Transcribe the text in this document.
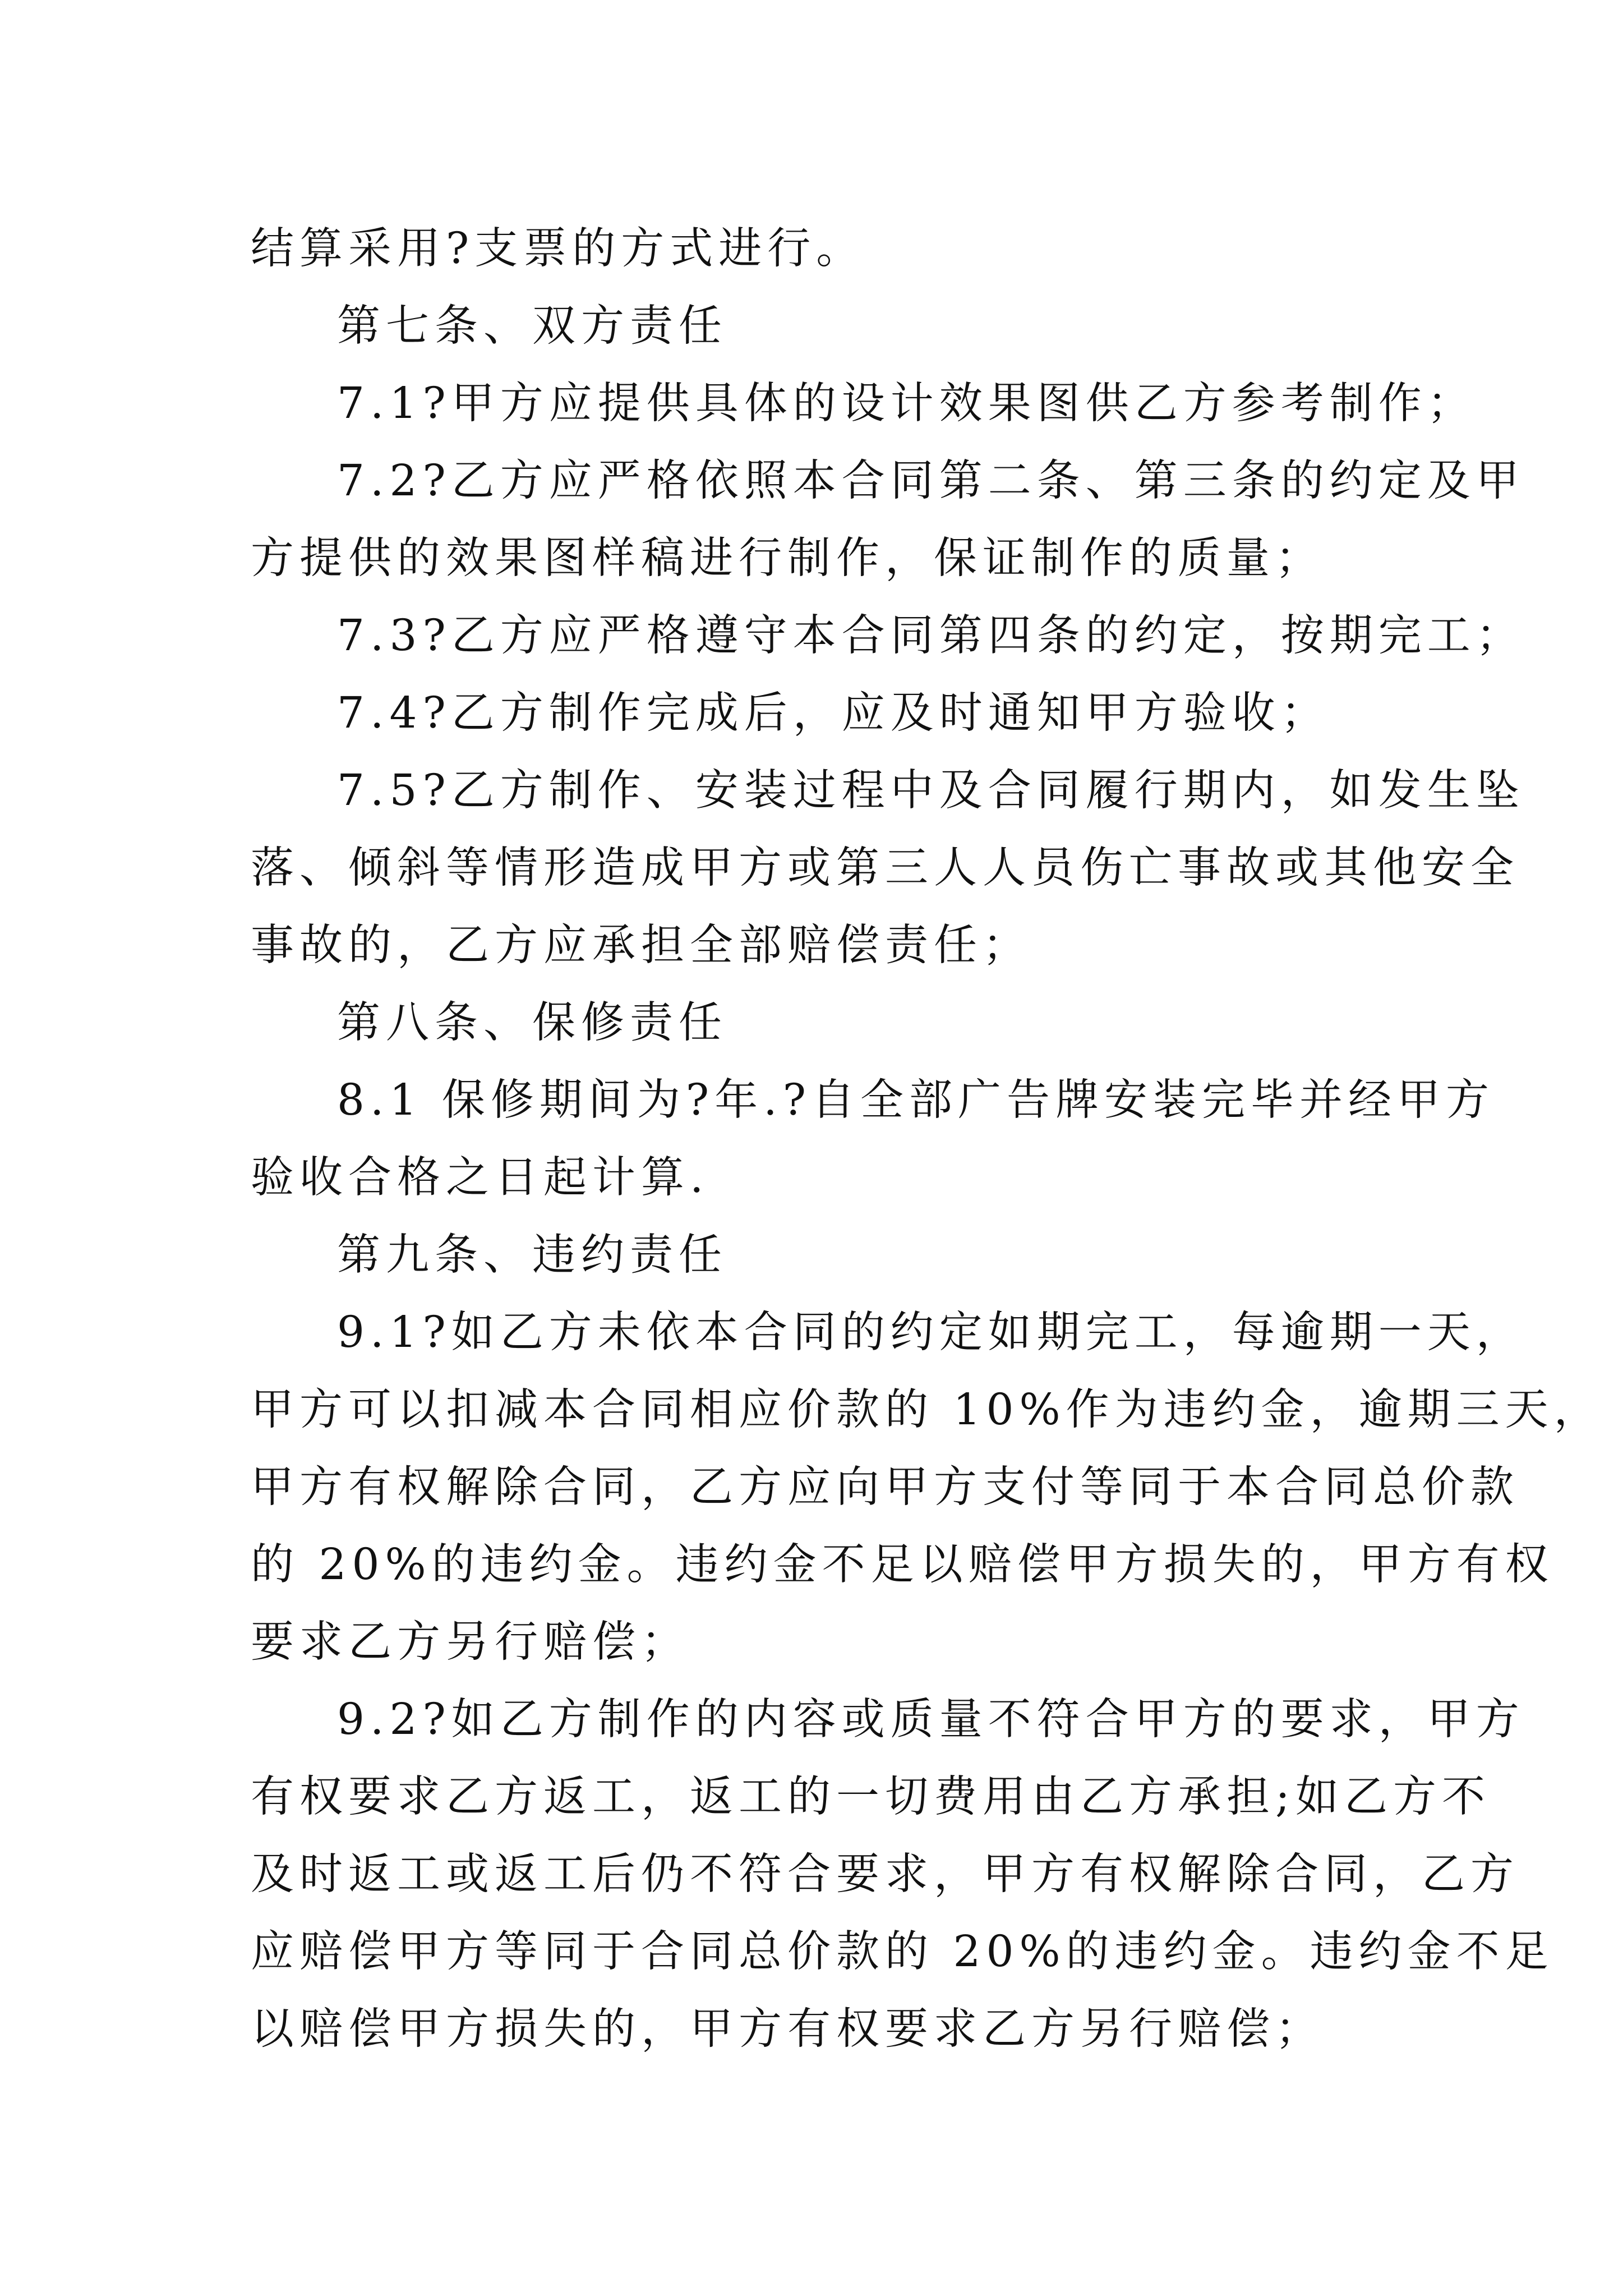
结算采用?支票的方式进行。
第七条、双方责任
7.1?甲方应提供具体的设计效果图供乙方参考制作；
7.2?乙方应严格依照本合同第二条、第三条的约定及甲
方提供的效果图样稿进行制作，保证制作的质量；
7.3?乙方应严格遵守本合同第四条的约定，按期完工；
7.4?乙方制作完成后，应及时通知甲方验收；
7.5?乙方制作、安装过程中及合同履行期内，如发生坠
落、倾斜等情形造成甲方或第三人人员伤亡事故或其他安全
事故的，乙方应承担全部赔偿责任；
第八条、保修责任
8.1 保修期间为?年.?自全部广告牌安装完毕并经甲方
验收合格之日起计算.
第九条、违约责任
9.1?如乙方未依本合同的约定如期完工，每逾期一天，
甲方可以扣减本合同相应价款的 10%作为违约金，逾期三天，
甲方有权解除合同，乙方应向甲方支付等同于本合同总价款
的 20%的违约金。违约金不足以赔偿甲方损失的，甲方有权
要求乙方另行赔偿；
9.2?如乙方制作的内容或质量不符合甲方的要求，甲方
有权要求乙方返工，返工的一切费用由乙方承担;如乙方不
及时返工或返工后仍不符合要求，甲方有权解除合同，乙方
应赔偿甲方等同于合同总价款的 20%的违约金。违约金不足
以赔偿甲方损失的，甲方有权要求乙方另行赔偿；
